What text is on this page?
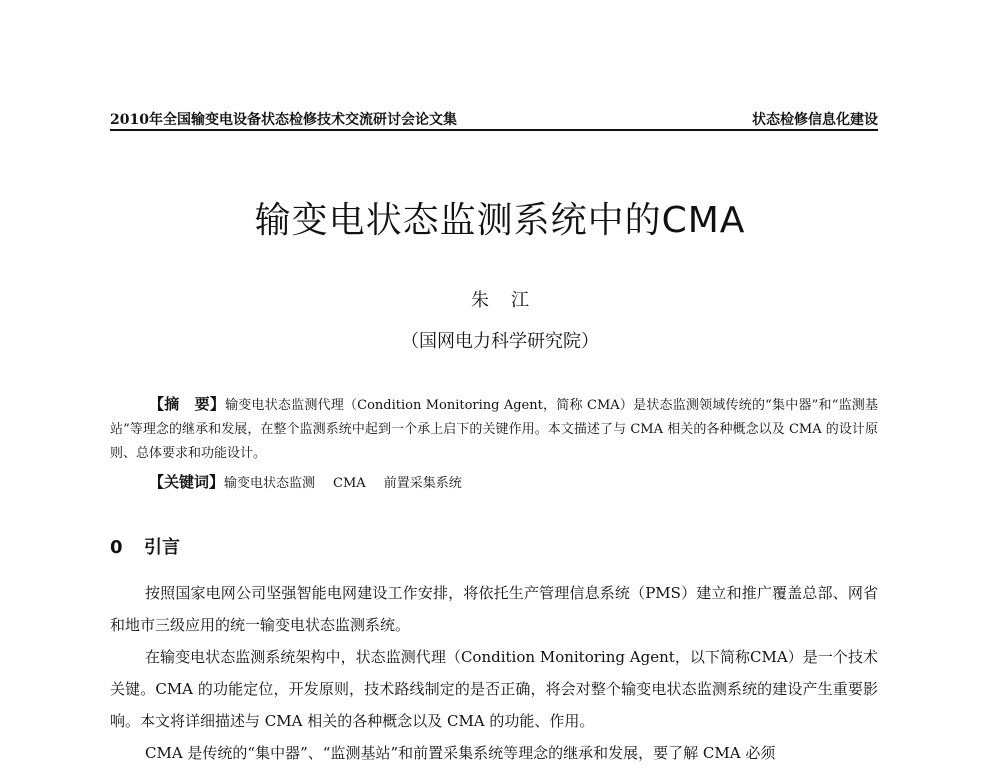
2010年全国输变电设备状态检修技术交流研讨会论文集	状态检修信息化建设
输变电状态监测系统中的CMA
朱江
（国网电力科学研究院）

【摘　要】输变电状态监测代理（Condition Monitoring Agent，简称 CMA）是状态监测领域传统的“集中器”和“监测基站”等理念的继承和发展，在整个监测系统中起到一个承上启下的关键作用。本文描述了与 CMA 相关的各种概念以及 CMA 的设计原则、总体要求和功能设计。

【关键词】输变电状态监测 CMA 前置采集系统

0 引言

按照国家电网公司坚强智能电网建设工作安排，将依托生产管理信息系统（PMS）建立和推广覆盖总部、网省和地市三级应用的统一输变电状态监测系统。

在输变电状态监测系统架构中，状态监测代理（Condition Monitoring Agent，以下简称CMA）是一个技术关键。CMA 的功能定位，开发原则，技术路线制定的是否正确，将会对整个输变电状态监测系统的建设产生重要影响。本文将详细描述与 CMA 相关的各种概念以及 CMA 的功能、作用。

CMA 是传统的“集中器”、“监测基站”和前置采集系统等理念的继承和发展，要了解 CMA 必须
